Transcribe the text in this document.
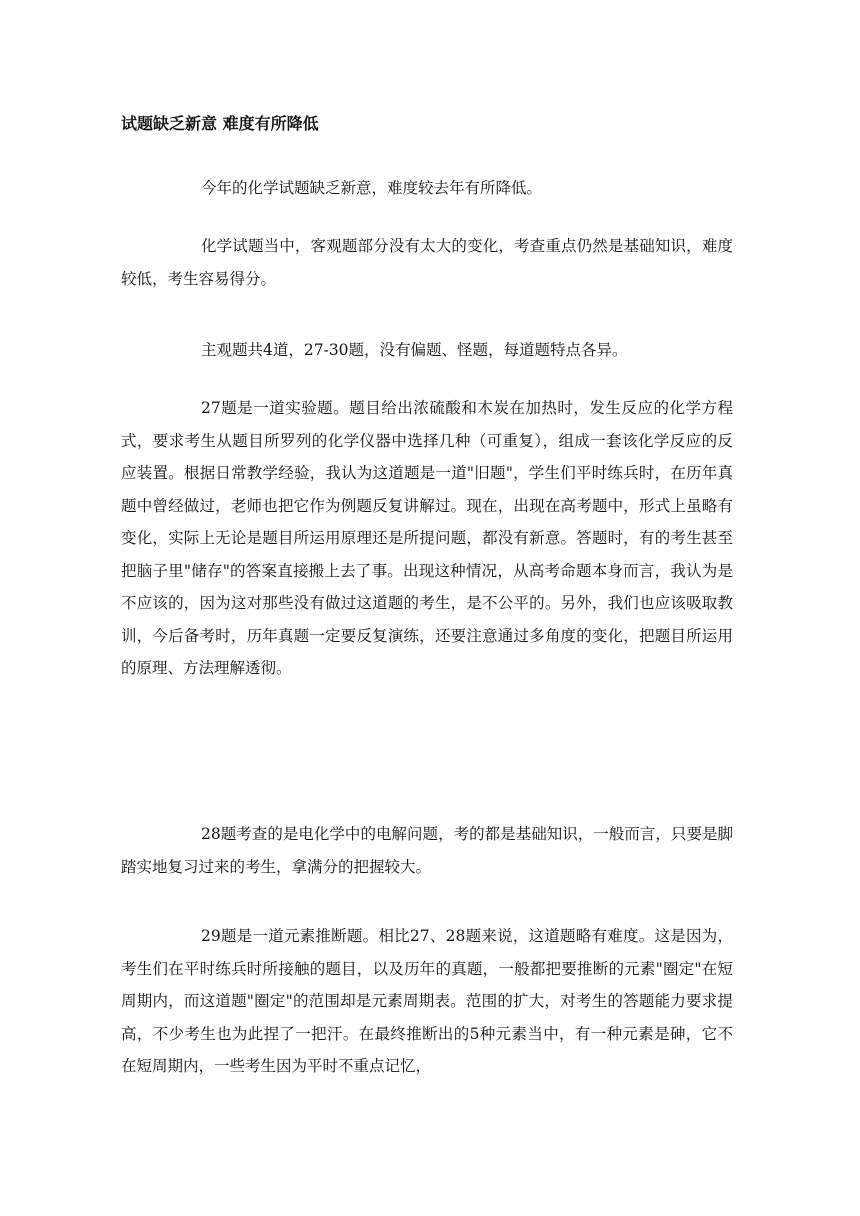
试题缺乏新意 难度有所降低

今年的化学试题缺乏新意，难度较去年有所降低。

化学试题当中，客观题部分没有太大的变化，考查重点仍然是基础知识，难度较低，考生容易得分。

主观题共4道，27-30题，没有偏题、怪题，每道题特点各异。

27题是一道实验题。题目给出浓硫酸和木炭在加热时，发生反应的化学方程式，要求考生从题目所罗列的化学仪器中选择几种（可重复），组成一套该化学反应的反应装置。根据日常教学经验，我认为这道题是一道"旧题"，学生们平时练兵时，在历年真题中曾经做过，老师也把它作为例题反复讲解过。现在，出现在高考题中，形式上虽略有变化，实际上无论是题目所运用原理还是所提问题，都没有新意。答题时，有的考生甚至把脑子里"储存"的答案直接搬上去了事。出现这种情况，从高考命题本身而言，我认为是不应该的，因为这对那些没有做过这道题的考生，是不公平的。另外，我们也应该吸取教训，今后备考时，历年真题一定要反复演练，还要注意通过多角度的变化，把题目所运用的原理、方法理解透彻。

28题考查的是电化学中的电解问题，考的都是基础知识，一般而言，只要是脚踏实地复习过来的考生，拿满分的把握较大。

29题是一道元素推断题。相比27、28题来说，这道题略有难度。这是因为，考生们在平时练兵时所接触的题目，以及历年的真题，一般都把要推断的元素"圈定"在短周期内，而这道题"圈定"的范围却是元素周期表。范围的扩大，对考生的答题能力要求提高，不少考生也为此捏了一把汗。在最终推断出的5种元素当中，有一种元素是砷，它不在短周期内，一些考生因为平时不重点记忆，
